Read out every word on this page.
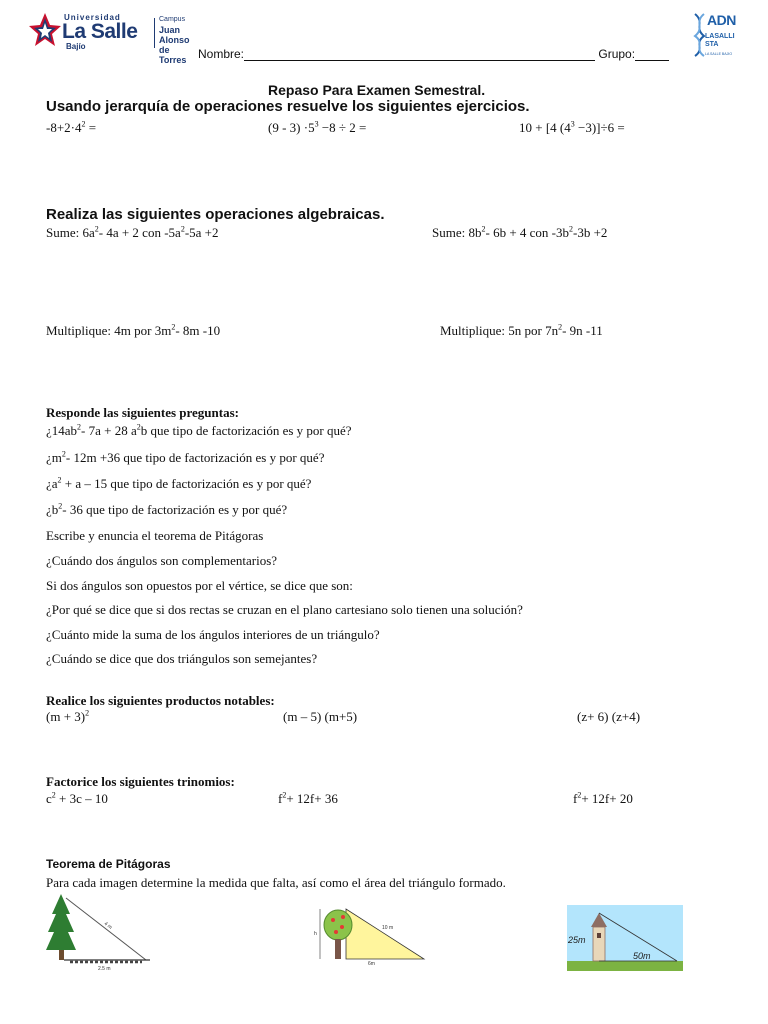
Universidad
La Salle
Bajío
Campus
Juan Alonso
de Torres
ADN
LASALLI
STA
LA SALLE BAJIO
Nombre:	Grupo:
Repaso Para Examen Semestral.
Usando jerarquía de operaciones resuelve los siguientes ejercicios.
$-8+2\cdot 4^2$ =	$(9 - 3) \cdot 5^3 -8 \div 2$ =	10 + [4 $(4^3 -3)]\div 6$ =
Realiza las siguientes operaciones algebraicas.
Sume: $6a^2-$ 4a + 2 con $-5a^2-5a +2$	Sume: $8b^2-$ 6b + 4 con $-3b^2-3b +2$
Multiplique: 4m por $3m^2-$ 8m -10	Multiplique: 5n por $7n^2-$ 9n -11
Responde las siguientes preguntas:
¿$14ab^2-$ 7a + 28 $a^2b$ que tipo de factorización es y por qué?
¿$m^2-$ 12m +36 que tipo de factorización es y por qué?
¿$a^2 + a - 15$ que tipo de factorización es y por qué?
¿$b^2-$ 36 que tipo de factorización es y por qué?
Escribe y enuncia el teorema de Pitágoras
¿Cuándo dos ángulos son complementarios?
Si dos ángulos son opuestos por el vértice, se dice que son:
¿Por qué se dice que si dos rectas se cruzan en el plano cartesiano solo tienen una solución?
¿Cuánto mide la suma de los ángulos interiores de un triángulo?
¿Cuándo se dice que dos triángulos son semejantes?
Realice los siguientes productos notables:
$(m + 3)^2$	(m – 5) (m+5)	(z+ 6) (z+4)
Factorice los siguientes trinomios:
$c^2 + 3c - 10$	$f^2+ 12f+ 36$	$f^2+ 12f+ 20$
Teorema de Pitágoras
Para cada imagen determine la medida que falta, así como el área del triángulo formado.
4 m
2.5 m
h
10 m
6m
25m
50m
